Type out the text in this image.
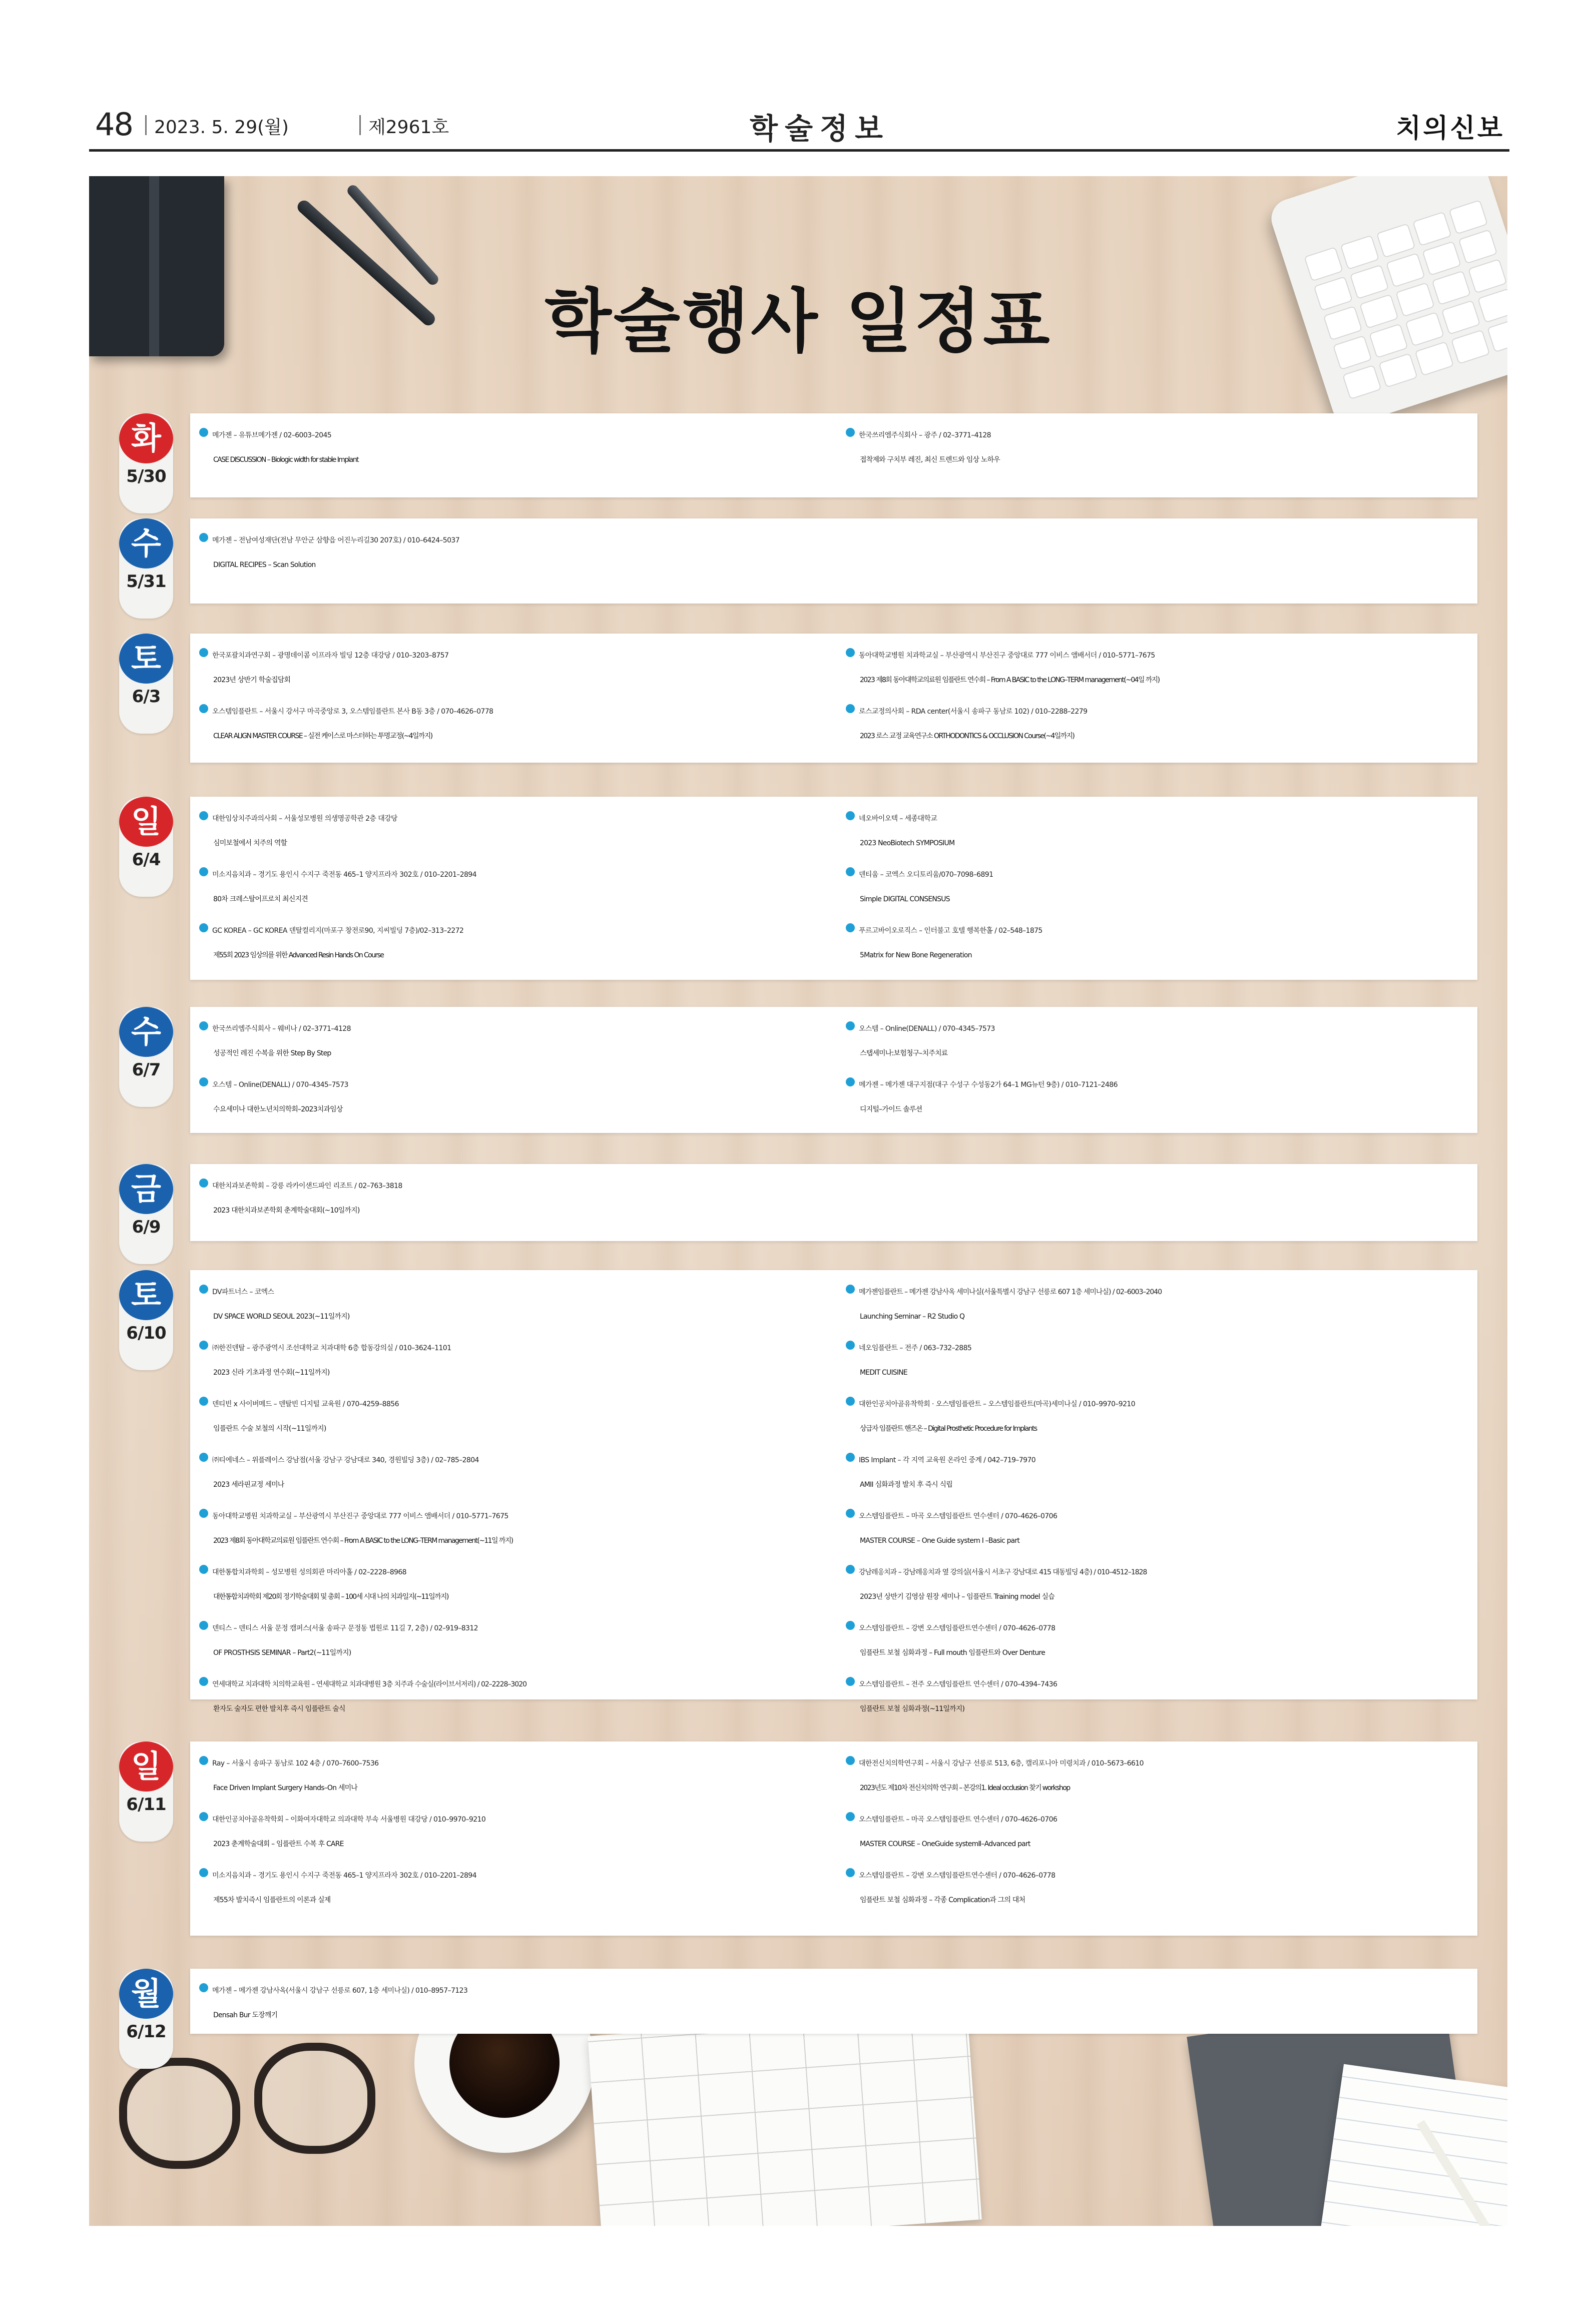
48 2023. 5. 29(월)	제2961호	학술정보	치의신보
학술행사 일정표
화
5/30
메가젠 – 유튜브메가젠 / 02–6003–2045
CASE DISCUSSION – Biologic width for stable Implant
한국쓰리엠주식회사 – 광주 / 02–3771–4128
접착제와 구치부 레진, 최신 트렌드와 임상 노하우
수
5/31
메가젠 – 전남여성재단(전남 무안군 삼향읍 어진누리길30 207호) / 010–6424–5037
DIGITAL RECIPES – Scan Solution
토
6/3
한국포괄치과연구회 – 광명데이콤 이프라자 빌딩 12층 대강당 / 010–3203–8757
2023년 상반기 학술집담회
오스템임플란트 – 서울시 강서구 마곡중앙로 3, 오스템임플란트 본사 B동 3층 / 070–4626–0778
CLEAR ALIGN MASTER COURSE – 실전 케이스로 마스터하는 투명교정(~4일까지)
동아대학교병원 치과학교실 – 부산광역시 부산진구 중앙대로 777 이비스 앰배서더 / 010–5771–7675
2023 제8회 동아대학교의료원 임플란트 연수회 – From A BASIC to the LONG–TERM management(~04일 까지)
로스교정의사회 – RDA center(서울시 송파구 동남로 102) / 010–2288–2279
2023 로스 교정 교육연구소 ORTHODONTICS & OCCLUSION Course(~4일까지)
일
6/4
대한임상치주과의사회 – 서울성모병원 의생명공학관 2층 대강당
심미보철에서 치주의 역할
미소지음치과 – 경기도 용인시 수지구 죽전동 465–1 양지프라자 302호 / 010–2201–2894
80차 크레스탈어프로치 최신지견
GC KOREA – GC KOREA 덴탈컬리지(마포구 창전로90, 지씨빌딩 7층)/02–313–2272
제55회 2023 임상의를 위한 Advanced Resin Hands On Course
네오바이오텍 – 세종대학교
2023 NeoBiotech SYMPOSIUM
덴티움 – 코엑스 오디토리움/070–7098–6891
Simple DIGITAL CONSENSUS
푸르고바이오로직스 – 인터불고 호텔 행복한홀 / 02–548–1875
5Matrix for New Bone Regeneration
수
6/7
한국쓰리엠주식회사 – 웨비나 / 02–3771–4128
성공적인 레진 수복을 위한 Step By Step
오스템 – Online(DENALL) / 070–4345–7573
수요세미나 대한노년치의학회–2023치과임상
오스템 – Online(DENALL) / 070–4345–7573
스탭세미나:보험청구–치주치료
메가젠 – 메가젠 대구지점(대구 수성구 수성동2가 64–1 MG뉴턴 9층) / 010–7121–2486
디지털–가이드 솔루션
금
6/9
대한치과보존학회 – 강릉 라카이샌드파인 리조트 / 02–763–3818
2023 대한치과보존학회 춘계학술대회(~10일까지)
토
6/10
DV파트너스 – 코엑스
DV SPACE WORLD SEOUL 2023(~11일까지)
㈜한진덴탈 – 광주광역시 조선대학교 치과대학 6층 합동강의실 / 010–3624–1101
2023 신라 기초과정 연수회(~11일까지)
덴티빈 x 사이버메드 – 덴탈빈 디지털 교육원 / 070–4259–8856
임플란트 수술 보철의 시작(~11일까지)
㈜티에네스 – 위플레이스 강남점(서울 강남구 강남대로 340, 경원빌딩 3층) / 02–785–2804
2023 세라핀교정 세미나
동아대학교병원 치과학교실 – 부산광역시 부산진구 중앙대로 777 이비스 앰배서더 / 010–5771–7675
2023 제8회 동아대학교의료원 임플란트 연수회 – From A BASIC to the LONG–TERM management(~11일 까지)
대한통합치과학회 – 성모병원 성의회관 마리아홀 / 02–2228–8968
대한통합치과학회 제20회 정기학술대회 및 총회 – 100세 시대 나의 치과일지(~11일까지)
덴티스 – 덴티스 서울 문정 캠퍼스(서울 송파구 문정동 법원로 11길 7, 2층) / 02–919–8312
OF PROSTHSIS SEMINAR – Part2(~11일까지)
연세대학교 치과대학 치의학교육원 – 연세대학교 치과대병원 3층 치주과 수술실(라이브서저리) / 02–2228–3020
환자도 술자도 편한 발치후 즉시 임플란트 술식
메가젠임플란트 – 메가젠 강남사옥 세미나실(서울특별시 강남구 선릉로 607 1층 세미나실) / 02–6003–2040
Launching Seminar – R2 Studio Q
네오임플란트 – 전주 / 063–732–2885
MEDIT CUISINE
대한인공치아골유착학회 · 오스템임플란트 – 오스템임플란트(마곡)세미나실 / 010–9970–9210
상급자 임플란트 핸즈온 – Digital Prosthetic Procedure for Implants
IBS Implant – 각 지역 교육원 온라인 중계 / 042–719–7970
AMII 심화과정 발치 후 즉시 식립
오스템임플란트 – 마곡 오스템임플란트 연수센터 / 070–4626–0706
MASTER COURSE – One Guide system Ⅰ –Basic part
강남레옹치과 – 강남레옹치과 옆 강의실(서울시 서초구 강남대로 415 대동빌딩 4층) / 010–4512–1828
2023년 상반기 김영삼 원장 세미나 – 임플란트 Training model 실습
오스템임플란트 – 강변 오스템임플란트연수센터 / 070–4626–0778
임플란트 보철 심화과정 – Full mouth 임플란트와 Over Denture
오스템임플란트 – 전주 오스템임플란트 연수센터 / 070–4394–7436
임플란트 보철 심화과정(~11일까지)
일
6/11
Ray – 서울시 송파구 동남로 102 4층 / 070–7600–7536
Face Driven Implant Surgery Hands–On 세미나
대한인공치아골유착학회 – 이화여자대학교 의과대학 부속 서울병원 대강당 / 010–9970–9210
2023 춘계학술대회 – 임플란트 수복 후 CARE
미소지음치과 – 경기도 용인시 수지구 죽전동 465–1 양지프라자 302호 / 010–2201–2894
제55차 발치즉시 임플란트의 이론과 실제
대한전신치의학연구회 – 서울시 강남구 선릉로 513, 6층, 캘리포니아 미령치과 / 010–5673–6610
2023년도 제10차 전신치의학 연구회 – 본강의1. Ideal occlusion 찾기 workshop
오스템임플란트 – 마곡 오스템임플란트 연수센터 / 070–4626–0706
MASTER COURSE – OneGuide systemⅡ–Advanced part
오스템임플란트 – 강변 오스템임플란트연수센터 / 070–4626–0778
임플란트 보철 심화과정 – 각종 Complication과 그의 대처
월
6/12
메가젠 – 메가젠 강남사옥(서울시 강남구 선릉로 607, 1층 세미나실) / 010–8957–7123
Densah Bur 도장깨기
